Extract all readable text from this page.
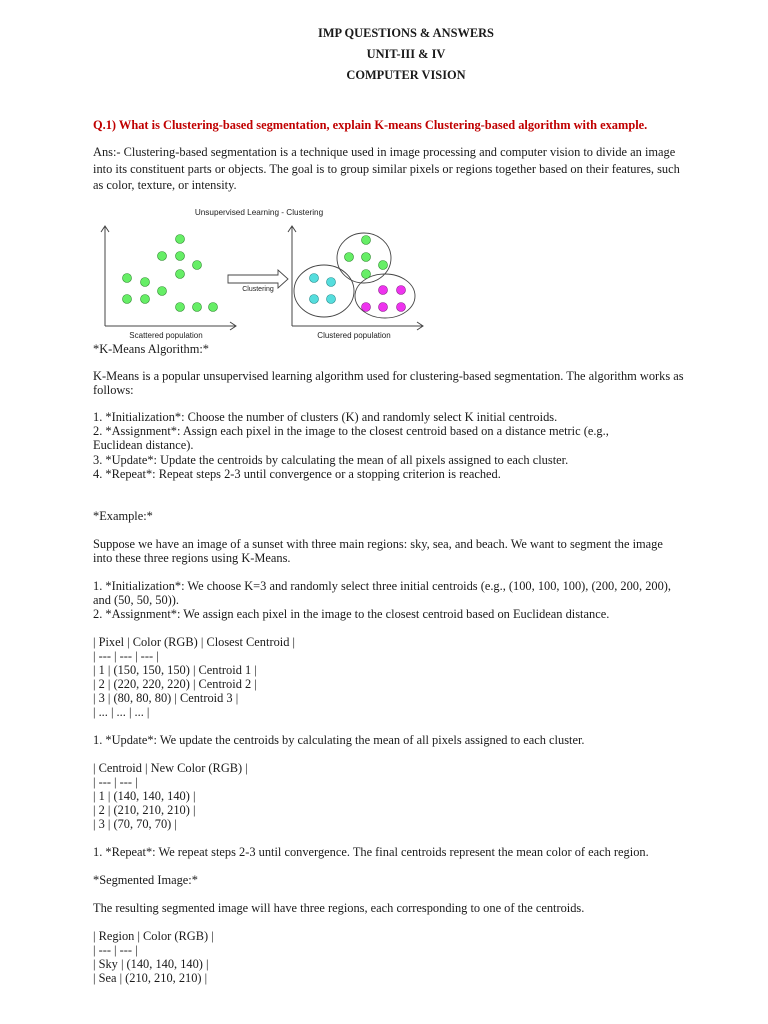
IMP QUESTIONS & ANSWERS
UNIT-III & IV
COMPUTER VISION
Q.1) What is Clustering-based segmentation, explain K-means Clustering-based algorithm with example.
Ans:- Clustering-based segmentation is a technique used in image processing and computer vision to divide an image into its constituent parts or objects. The goal is to group similar pixels or regions together based on their features, such as color, texture, or intensity.
Unsupervised Learning - Clustering
Clustering
Scattered population	Clustered population
*K-Means Algorithm:*
K-Means is a popular unsupervised learning algorithm used for clustering-based segmentation. The algorithm works as follows:
1. *Initialization*: Choose the number of clusters (K) and randomly select K initial centroids.
2. *Assignment*: Assign each pixel in the image to the closest centroid based on a distance metric (e.g., Euclidean distance).
3. *Update*: Update the centroids by calculating the mean of all pixels assigned to each cluster.
4. *Repeat*: Repeat steps 2-3 until convergence or a stopping criterion is reached.
*Example:*
Suppose we have an image of a sunset with three main regions: sky, sea, and beach. We want to segment the image into these three regions using K-Means.
1. *Initialization*: We choose K=3 and randomly select three initial centroids (e.g., (100, 100, 100), (200, 200, 200), and (50, 50, 50)).
2. *Assignment*: We assign each pixel in the image to the closest centroid based on Euclidean distance.
| Pixel | Color (RGB) | Closest Centroid |
| --- | --- | --- |
| 1 | (150, 150, 150) | Centroid 1 |
| 2 | (220, 220, 220) | Centroid 2 |
| 3 | (80, 80, 80) | Centroid 3 |
| ... | ... | ... |
1. *Update*: We update the centroids by calculating the mean of all pixels assigned to each cluster.
| Centroid | New Color (RGB) |
| --- | --- |
| 1 | (140, 140, 140) |
| 2 | (210, 210, 210) |
| 3 | (70, 70, 70) |
1. *Repeat*: We repeat steps 2-3 until convergence. The final centroids represent the mean color of each region.
*Segmented Image:*
The resulting segmented image will have three regions, each corresponding to one of the centroids.
| Region | Color (RGB) |
| --- | --- |
| Sky | (140, 140, 140) |
| Sea | (210, 210, 210) |
